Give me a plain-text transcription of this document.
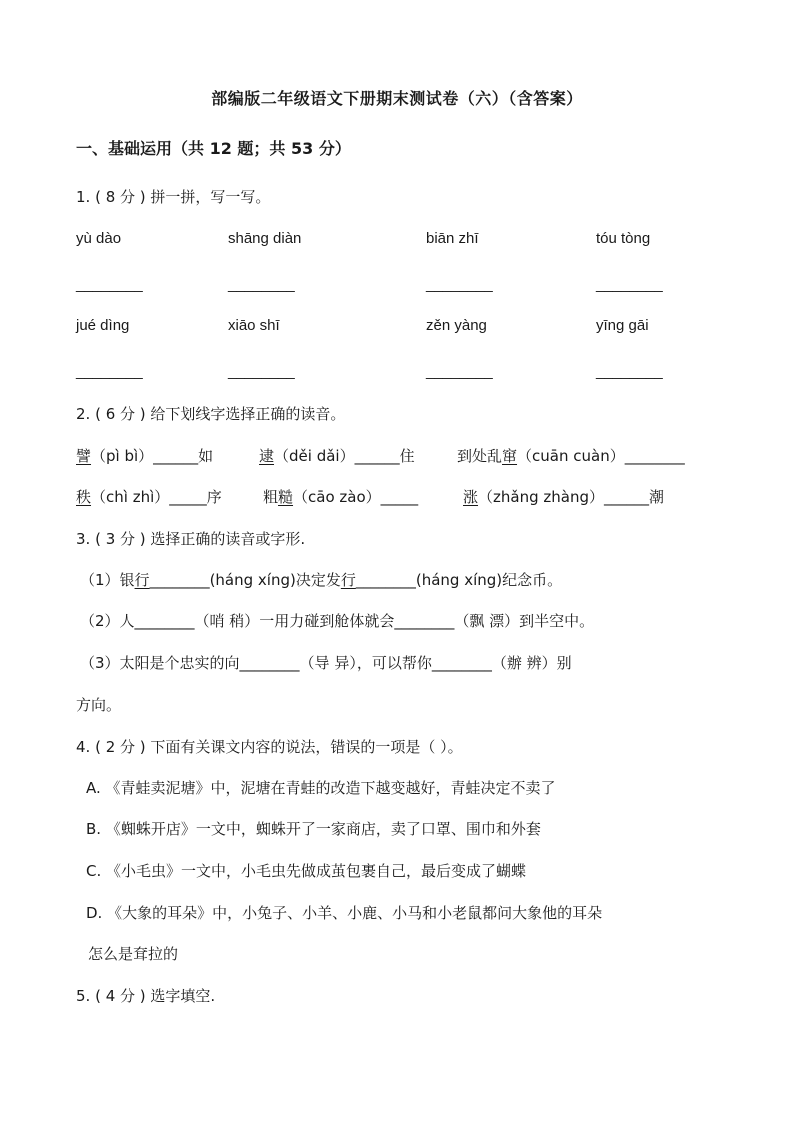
部编版二年级语文下册期末测试卷（六）（含答案）
一、基础运用（共 12 题；共 53 分）
1. ( 8 分 ) 拼一拼，写一写。
yù dào	shāng diàn	biān zhī	tóu tòng
________	________	________	________
jué dìng	xiāo shī	zěn yàng	yīng gāi
________	________	________	________
2. ( 6 分 ) 给下划线字选择正确的读音。
譬（pì bì）______如	逮（děi dǎi）______住	到处乱窜（cuān cuàn）________
秩（chì zhì）_____序	粗糙（cāo zào）_____	涨（zhǎng zhàng）______潮
3. ( 3 分 ) 选择正确的读音或字形.
（1）银行________(háng xíng)决定发行________(háng xíng)纪念币。
（2）人________（哨 稍）一用力碰到舱体就会________（飘 漂）到半空中。
（3）太阳是个忠实的向________（导 异），可以帮你________（辦 辨）别
方向。
4. ( 2 分 ) 下面有关课文内容的说法，错误的一项是（ ）。
A. 《青蛙卖泥塘》中，泥塘在青蛙的改造下越变越好，青蛙决定不卖了
B. 《蜘蛛开店》一文中，蜘蛛开了一家商店，卖了口罩、围巾和外套
C. 《小毛虫》一文中，小毛虫先做成茧包裹自己，最后变成了蝴蝶
D. 《大象的耳朵》中，小兔子、小羊、小鹿、小马和小老鼠都问大象他的耳朵
怎么是耷拉的
5. ( 4 分 ) 选字填空.
